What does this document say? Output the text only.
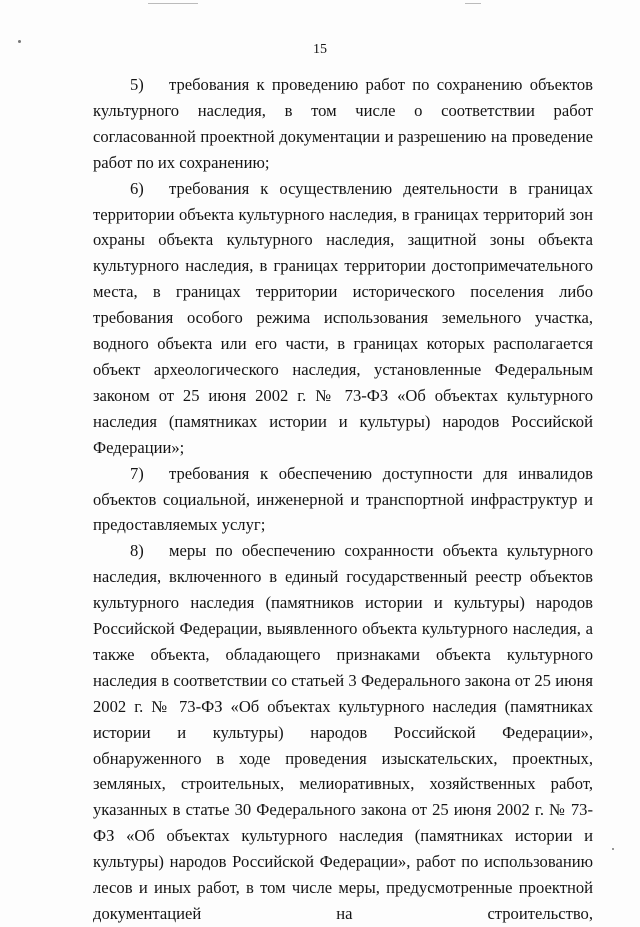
15

5) требования к проведению работ по сохранению объектов культурного наследия, в том числе о соответствии работ согласованной проектной документации и разрешению на проведение работ по их сохранению;

6) требования к осуществлению деятельности в границах территории объекта культурного наследия, в границах территорий зон охраны объекта культурного наследия, защитной зоны объекта культурного наследия, в границах территории достопримечательного места, в границах территории исторического поселения либо требования особого режима использования земельного участка, водного объекта или его части, в границах которых располагается объект археологического наследия, установленные Федеральным законом от 25 июня 2002 г. № 73-ФЗ «Об объектах культурного наследия (памятниках истории и культуры) народов Российской Федерации»;

7) требования к обеспечению доступности для инвалидов объектов социальной, инженерной и транспортной инфраструктур и предоставляемых услуг;

8) меры по обеспечению сохранности объекта культурного наследия, включенного в единый государственный реестр объектов культурного наследия (памятников истории и культуры) народов Российской Федерации, выявленного объекта культурного наследия, а также объекта, обладающего признаками объекта культурного наследия в соответствии со статьей 3 Федерального закона от 25 июня 2002 г. № 73-ФЗ «Об объектах культурного наследия (памятниках истории и культуры) народов Российской Федерации», обнаруженного в ходе проведения изыскательских, проектных, земляных, строительных, мелиоративных, хозяйственных работ, указанных в статье 30 Федерального закона от 25 июня 2002 г. № 73-ФЗ «Об объектах культурного наследия (памятниках истории и культуры) народов Российской Федерации», работ по использованию лесов и иных работ, в том числе меры, предусмотренные проектной документацией на строительство,
